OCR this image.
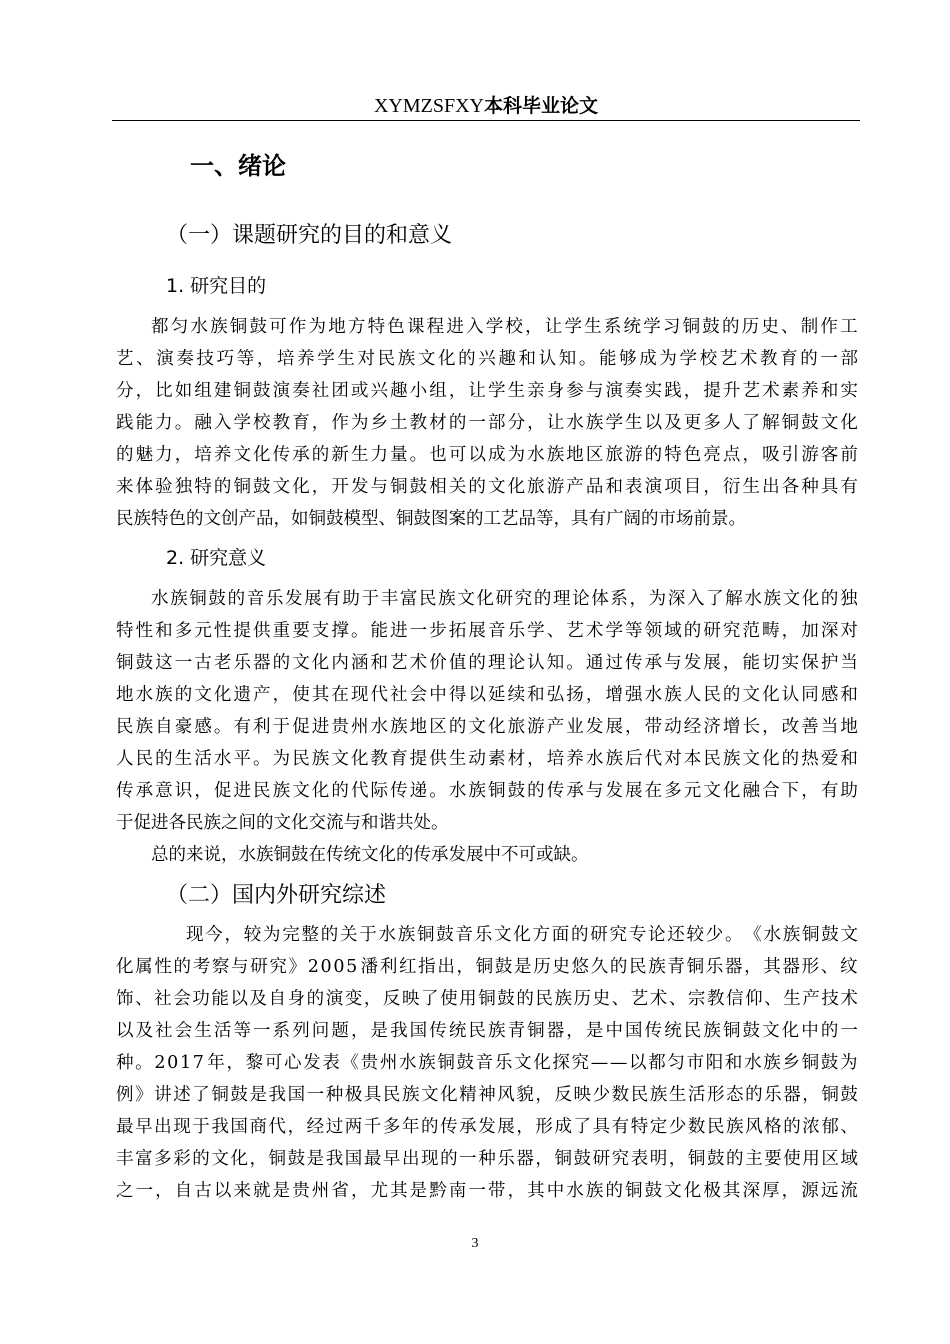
XYMZSFXY本科毕业论文
一、绪论
（一）课题研究的目的和意义
1. 研究目的
都 匀 水 族 铜 鼓 可 作 为 地 方 特 色 课 程 进 入 学 校 ， 让 学 生 系 统 学 习 铜 鼓 的 历 史 、 制 作 工
艺 、 演 奏 技 巧 等 ， 培 养 学 生 对 民 族 文 化 的 兴 趣 和 认 知 。 能 够 成 为 学 校 艺 术 教 育 的 一 部
分 ， 比 如 组 建 铜 鼓 演 奏 社 团 或 兴 趣 小 组 ， 让 学 生 亲 身 参 与 演 奏 实 践 ， 提 升 艺 术 素 养 和 实
践 能 力 。 融 入 学 校 教 育 ， 作 为 乡 土 教 材 的 一 部 分 ， 让 水 族 学 生 以 及 更 多 人 了 解 铜 鼓 文 化
的 魅 力 ， 培 养 文 化 传 承 的 新 生 力 量 。 也 可 以 成 为 水 族 地 区 旅 游 的 特 色 亮 点 ， 吸 引 游 客 前
来 体 验 独 特 的 铜 鼓 文 化 ， 开 发 与 铜 鼓 相 关 的 文 化 旅 游 产 品 和 表 演 项 目 ， 衍 生 出 各 种 具 有
民族特色的文创产品，如铜鼓模型、铜鼓图案的工艺品等，具有广阔的市场前景。
2. 研究意义
水 族 铜 鼓 的 音 乐 发 展 有 助 于 丰 富 民 族 文 化 研 究 的 理 论 体 系 ， 为 深 入 了 解 水 族 文 化 的 独
特 性 和 多 元 性 提 供 重 要 支 撑 。 能 进 一 步 拓 展 音 乐 学 、 艺 术 学 等 领 域 的 研 究 范 畴 ， 加 深 对
铜 鼓 这 一 古 老 乐 器 的 文 化 内 涵 和 艺 术 价 值 的 理 论 认 知 。 通 过 传 承 与 发 展 ， 能 切 实 保 护 当
地 水 族 的 文 化 遗 产 ， 使 其 在 现 代 社 会 中 得 以 延 续 和 弘 扬 ， 增 强 水 族 人 民 的 文 化 认 同 感 和
民 族 自 豪 感 。 有 利 于 促 进 贵 州 水 族 地 区 的 文 化 旅 游 产 业 发 展 ， 带 动 经 济 增 长 ， 改 善 当 地
人 民 的 生 活 水 平 。 为 民 族 文 化 教 育 提 供 生 动 素 材 ， 培 养 水 族 后 代 对 本 民 族 文 化 的 热 爱 和
传 承 意 识 ， 促 进 民 族 文 化 的 代 际 传 递 。 水 族 铜 鼓 的 传 承 与 发 展 在 多 元 文 化 融 合 下 ， 有 助
于促进各民族之间的文化交流与和谐共处。
总的来说，水族铜鼓在传统文化的传承发展中不可或缺。
（二）国内外研究综述
现 今 ， 较 为 完 整 的 关 于 水 族 铜 鼓 音 乐 文 化 方 面 的 研 究 专 论 还 较 少 。 《 水 族 铜 鼓 文
化 属 性 的 考 察 与 研 究 》 2 0 0 5 潘 利 红 指 出 ， 铜 鼓 是 历 史 悠 久 的 民 族 青 铜 乐 器 ， 其 器 形 、 纹
饰 、 社 会 功 能 以 及 自 身 的 演 变 ， 反 映 了 使 用 铜 鼓 的 民 族 历 史 、 艺 术 、 宗 教 信 仰 、 生 产 技 术
以 及 社 会 生 活 等 一 系 列 问 题 ， 是 我 国 传 统 民 族 青 铜 器 ， 是 中 国 传 统 民 族 铜 鼓 文 化 中 的 一
种 。 2 0 1 7 年 ， 黎 可 心 发 表 《 贵 州 水 族 铜 鼓 音 乐 文 化 探 究 — — 以 都 匀 市 阳 和 水 族 乡 铜 鼓 为
例 》 讲 述 了 铜 鼓 是 我 国 一 种 极 具 民 族 文 化 精 神 风 貌 ， 反 映 少 数 民 族 生 活 形 态 的 乐 器 ， 铜 鼓
最 早 出 现 于 我 国 商 代 ， 经 过 两 千 多 年 的 传 承 发 展 ， 形 成 了 具 有 特 定 少 数 民 族 风 格 的 浓 郁 、
丰 富 多 彩 的 文 化 ， 铜 鼓 是 我 国 最 早 出 现 的 一 种 乐 器 ， 铜 鼓 研 究 表 明 ， 铜 鼓 的 主 要 使 用 区 域
之 一 ， 自 古 以 来 就 是 贵 州 省 ， 尤 其 是 黔 南 一 带 ， 其 中 水 族 的 铜 鼓 文 化 极 其 深 厚 ， 源 远 流
3
